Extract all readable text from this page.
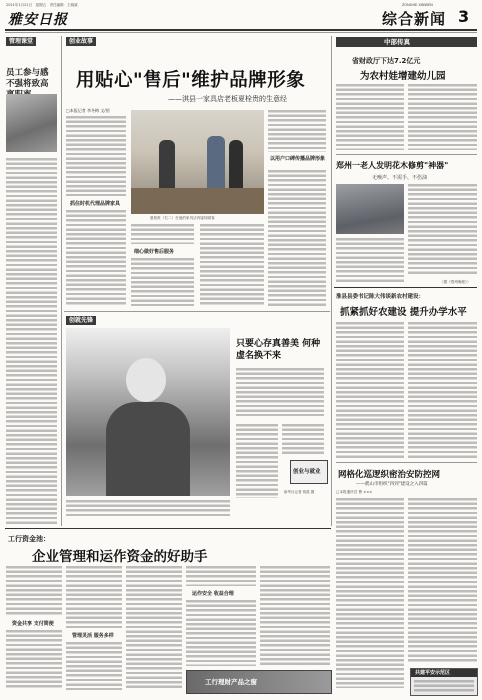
2011年1月21日　星期五　责任编辑：王晓斌	ZONGHE XINWEN
雅安日报	综合新闻 3
管理课堂
员工参与感不强将致高
创业故事
用贴心"售后"维护品牌形象
——淇县一家具店老板夏栓贵的生意经
□本报记者 李冬梅 文/图
抓住时机代理品牌家具
夏栓贵（右二）在他的家具店内接待顾客
细心做好售后服务
以用户口碑传播品牌形象
中部传真
省财政厅下达7.2亿元
为农村娃增建幼儿园
郑州一老人发明花木修剪"神器"
无噪声、不需手、不伤油
（据《郑州晚报》）
创就先锋
只要心存真善美 何种虚名换不来
创业与就业
新华社记者 蒋凯 摄
淮县县委书记陈大伟谈新农村建设：
抓紧抓好农建设 提升办学水平
网格化巡逻织密治安防控网
——鹤山市组织"四到"建设之入四篇
□本报通讯员 曹 ×××
工行资金池：
企业管理和运作资金的好助手
资金共享 支付简便
管理灵活 服务多样
运作安全 收益合理
工行理财产品之窗
共建平安示范区
